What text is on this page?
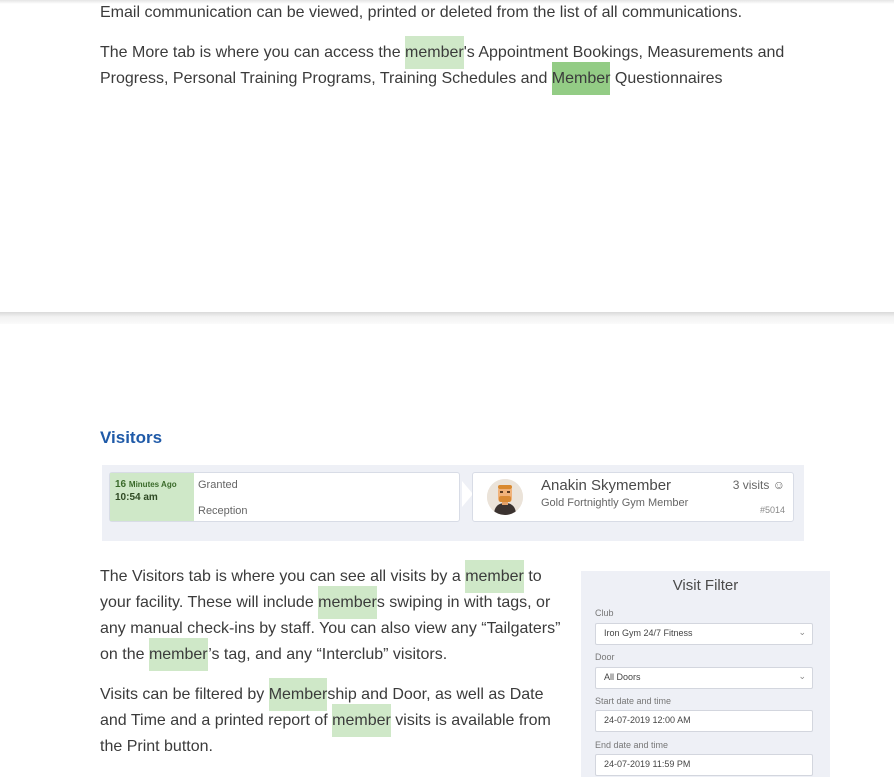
Email communication can be viewed, printed or deleted from the list of all communications.

The More tab is where you can access the member's Appointment Bookings, Measurements and Progress, Personal Training Programs, Training Schedules and Member Questionnaires

Visitors
16 Minutes Ago
10:54 am
Granted
Reception
Anakin Skymember
Gold Fortnightly Gym Member
3 visits ☺
#5014

The Visitors tab is where you can see all visits by a member to your facility. These will include members swiping in with tags, or any manual check-ins by staff. You can also view any “Tailgaters” on the member’s tag, and any “Interclub” visitors.

Visits can be filtered by Membership and Door, as well as Date and Time and a printed report of member visits is available from the Print button.

Visit Filter
Club
Iron Gym 24/7 Fitness	⌄
Door
All Doors	⌄
Start date and time
24-07-2019 12:00 AM
End date and time
24-07-2019 11:59 PM
